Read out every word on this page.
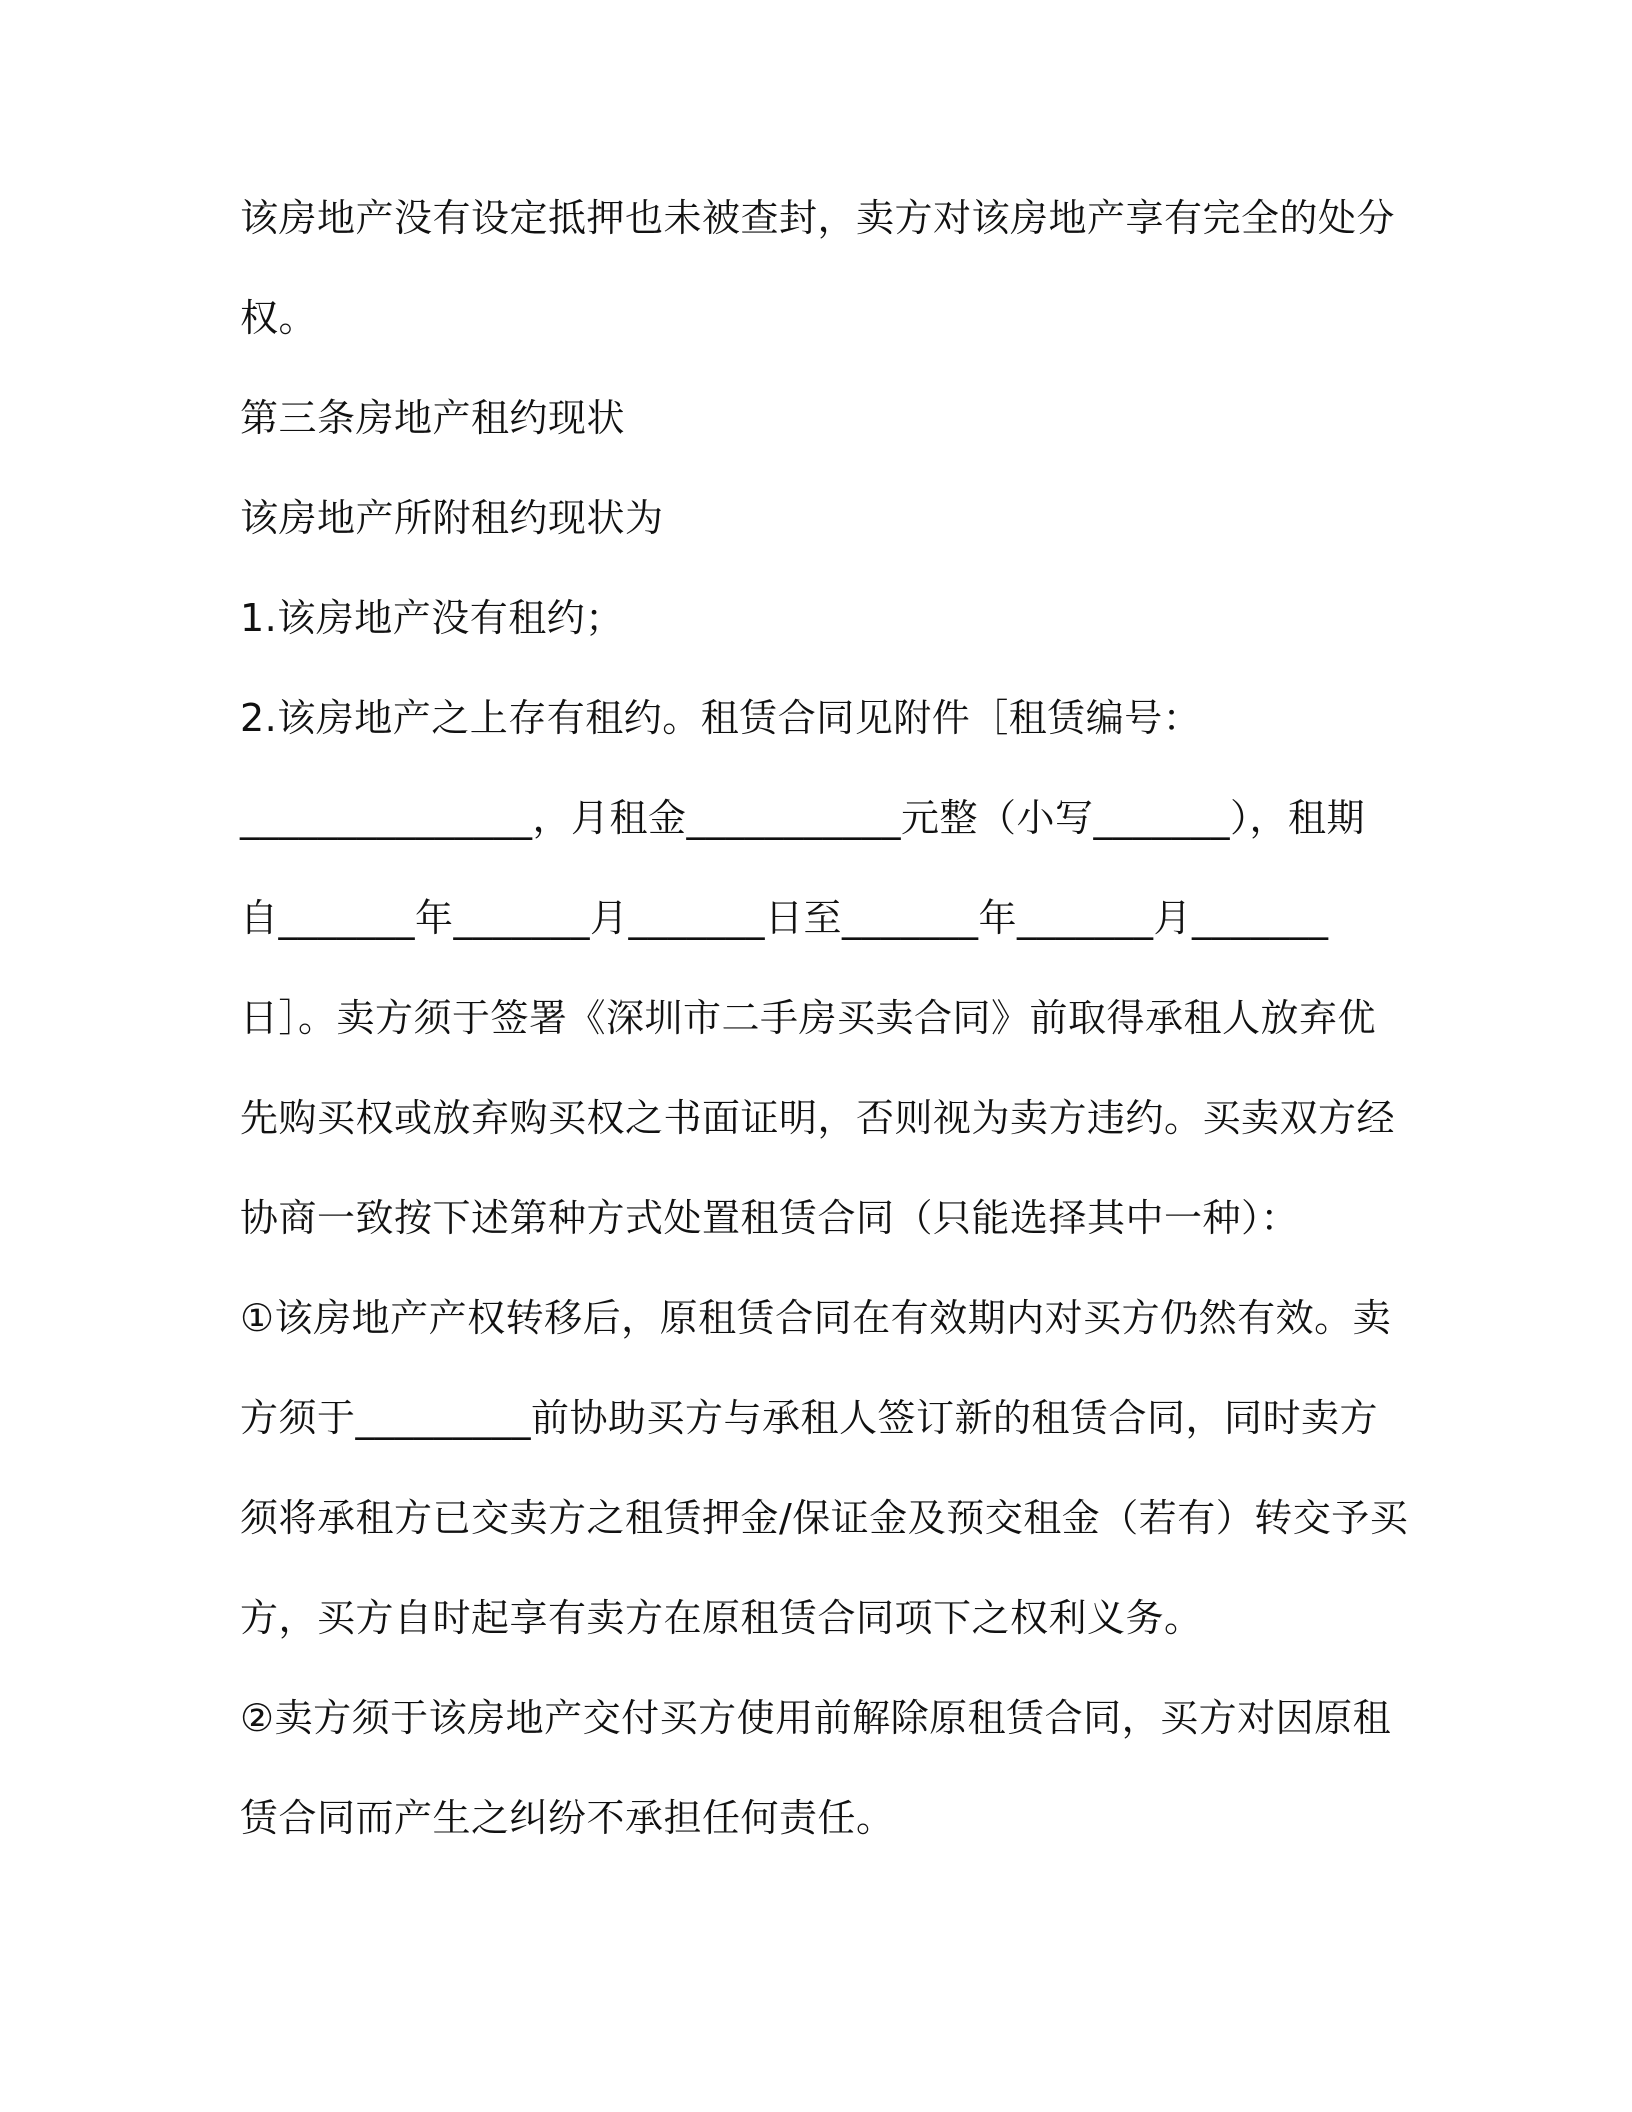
该房地产没有设定抵押也未被查封，卖方对该房地产享有完全的处分
权。
第三条房地产租约现状
该房地产所附租约现状为
1.该房地产没有租约；
2.该房地产之上存有租约。租赁合同见附件［租赁编号：
_______________，月租金___________元整（小写_______），租期
自_______年_______月_______日至_______年_______月_______
日］。卖方须于签署《深圳市二手房买卖合同》前取得承租人放弃优
先购买权或放弃购买权之书面证明，否则视为卖方违约。买卖双方经
协商一致按下述第种方式处置租赁合同（只能选择其中一种）：
①该房地产产权转移后，原租赁合同在有效期内对买方仍然有效。卖
方须于_________前协助买方与承租人签订新的租赁合同，同时卖方
须将承租方已交卖方之租赁押金/保证金及预交租金（若有）转交予买
方，买方自时起享有卖方在原租赁合同项下之权利义务。
②卖方须于该房地产交付买方使用前解除原租赁合同，买方对因原租
赁合同而产生之纠纷不承担任何责任。
